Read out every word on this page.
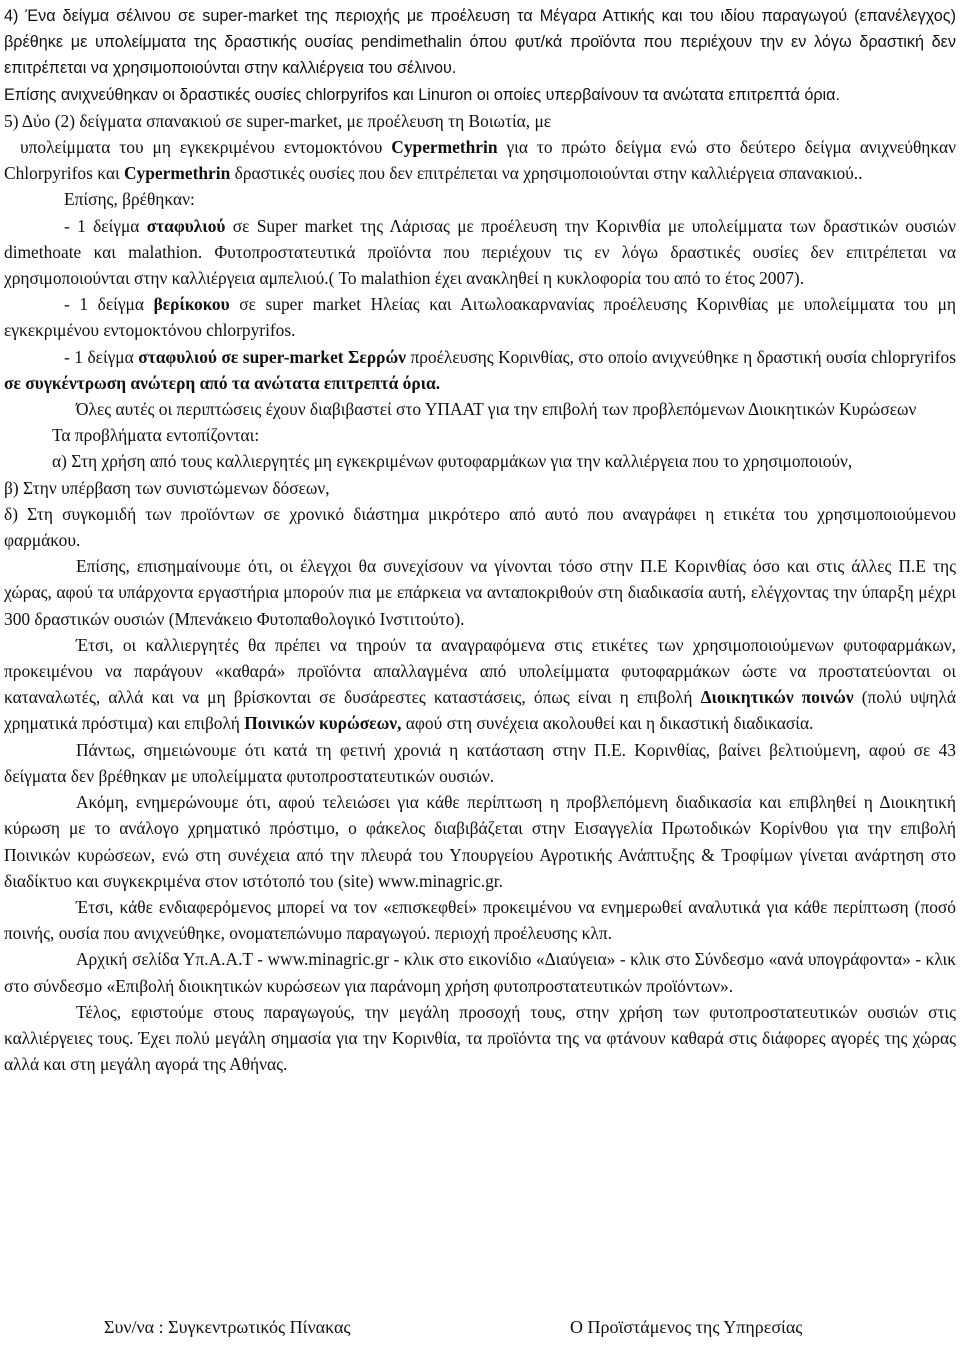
4) Ένα δείγμα σέλινου σε super-market της περιοχής με προέλευση τα Μέγαρα Αττικής και του ιδίου παραγωγού (επανέλεγχος) βρέθηκε με υπολείμματα της δραστικής ουσίας pendimethalin όπου φυτ/κά προϊόντα που περιέχουν την εν λόγω δραστική δεν επιτρέπεται να χρησιμοποιούνται στην καλλιέργεια του σέλινου.

Επίσης ανιχνεύθηκαν οι δραστικές ουσίες chlorpyrifos και Linuron οι οποίες υπερβαίνουν τα ανώτατα επιτρεπτά όρια.

5) Δύο (2) δείγματα σπανακιού σε super-market, με προέλευση τη Βοιωτία, με
υπολείμματα του μη εγκεκριμένου εντομοκτόνου Cypermethrin για το πρώτο δείγμα ενώ στο δεύτερο δείγμα ανιχνεύθηκαν Chlorpyrifos και Cypermethrin δραστικές ουσίες που δεν επιτρέπεται να χρησιμοποιούνται στην καλλιέργεια σπανακιού..

Επίσης, βρέθηκαν:

- 1 δείγμα σταφυλιού σε Super market της Λάρισας με προέλευση την Κορινθία με υπολείμματα των δραστικών ουσιών dimethoate και malathion. Φυτοπροστατευτικά προϊόντα που περιέχουν τις εν λόγω δραστικές ουσίες δεν επιτρέπεται να χρησιμοποιούνται στην καλλιέργεια αμπελιού.( Το malathion έχει ανακληθεί η κυκλοφορία του από το έτος 2007).

- 1 δείγμα βερίκοκου σε super market Ηλείας και Αιτωλοακαρνανίας προέλευσης Κορινθίας με υπολείμματα του μη εγκεκριμένου εντομοκτόνου chlorpyrifos.

- 1 δείγμα σταφυλιού σε super-market Σερρών προέλευσης Κορινθίας, στο οποίο ανιχνεύθηκε η δραστική ουσία chlopryrifos σε συγκέντρωση ανώτερη από τα ανώτατα επιτρεπτά όρια.

Όλες αυτές οι περιπτώσεις έχουν διαβιβαστεί στο ΥΠΑΑΤ για την επιβολή των προβλεπόμενων Διοικητικών Κυρώσεων

Τα προβλήματα εντοπίζονται:

α) Στη χρήση από τους καλλιεργητές μη εγκεκριμένων φυτοφαρμάκων για την καλλιέργεια που το χρησιμοποιούν,

β) Στην υπέρβαση των συνιστώμενων δόσεων,

δ) Στη συγκομιδή των προϊόντων σε χρονικό διάστημα μικρότερο από αυτό που αναγράφει η ετικέτα του χρησιμοποιούμενου φαρμάκου.

Επίσης, επισημαίνουμε ότι, οι έλεγχοι θα συνεχίσουν να γίνονται τόσο στην Π.Ε Κορινθίας όσο και στις άλλες Π.Ε της χώρας, αφού τα υπάρχοντα εργαστήρια μπορούν πια με επάρκεια να ανταποκριθούν στη διαδικασία αυτή, ελέγχοντας την ύπαρξη μέχρι 300 δραστικών ουσιών (Μπενάκειο Φυτοπαθολογικό Ινστιτούτο).

Έτσι, οι καλλιεργητές θα πρέπει να τηρούν τα αναγραφόμενα στις ετικέτες των χρησιμοποιούμενων φυτοφαρμάκων, προκειμένου να παράγουν «καθαρά» προϊόντα απαλλαγμένα από υπολείμματα φυτοφαρμάκων ώστε να προστατεύονται οι καταναλωτές, αλλά και να μη βρίσκονται σε δυσάρεστες καταστάσεις, όπως είναι η επιβολή Διοικητικών ποινών (πολύ υψηλά χρηματικά πρόστιμα) και επιβολή Ποινικών κυρώσεων, αφού στη συνέχεια ακολουθεί και η δικαστική διαδικασία.

Πάντως, σημειώνουμε ότι κατά τη φετινή χρονιά η κατάσταση στην Π.Ε. Κορινθίας, βαίνει βελτιούμενη, αφού σε 43 δείγματα δεν βρέθηκαν με υπολείμματα φυτοπροστατευτικών ουσιών.

Ακόμη, ενημερώνουμε ότι, αφού τελειώσει για κάθε περίπτωση η προβλεπόμενη διαδικασία και επιβληθεί η Διοικητική κύρωση με το ανάλογο χρηματικό πρόστιμο, ο φάκελος διαβιβάζεται στην Εισαγγελία Πρωτοδικών Κορίνθου για την επιβολή Ποινικών κυρώσεων, ενώ στη συνέχεια από την πλευρά του Υπουργείου Αγροτικής Ανάπτυξης & Τροφίμων γίνεται ανάρτηση στο διαδίκτυο και συγκεκριμένα στον ιστότοπό του (site) www.minagric.gr.

Έτσι, κάθε ενδιαφερόμενος μπορεί να τον «επισκεφθεί» προκειμένου να ενημερωθεί αναλυτικά για κάθε περίπτωση (ποσό ποινής, ουσία που ανιχνεύθηκε, ονοματεπώνυμο παραγωγού. περιοχή προέλευσης κλπ.

Αρχική σελίδα Υπ.Α.Α.Τ - www.minagric.gr - κλικ στο εικονίδιο «Διαύγεια» - κλικ στο Σύνδεσμο «ανά υπογράφοντα» - κλικ στο σύνδεσμο «Επιβολή διοικητικών κυρώσεων για παράνομη χρήση φυτοπροστατευτικών προϊόντων».

Τέλος, εφιστούμε στους παραγωγούς, την μεγάλη προσοχή τους, στην χρήση των φυτοπροστατευτικών ουσιών στις καλλιέργειες τους. Έχει πολύ μεγάλη σημασία για την Κορινθία, τα προϊόντα της να φτάνουν καθαρά στις διάφορες αγορές της χώρας αλλά και στη μεγάλη αγορά της Αθήνας.

Συν/να : Συγκεντρωτικός Πίνακας	Ο Προϊστάμενος της Υπηρεσίας
